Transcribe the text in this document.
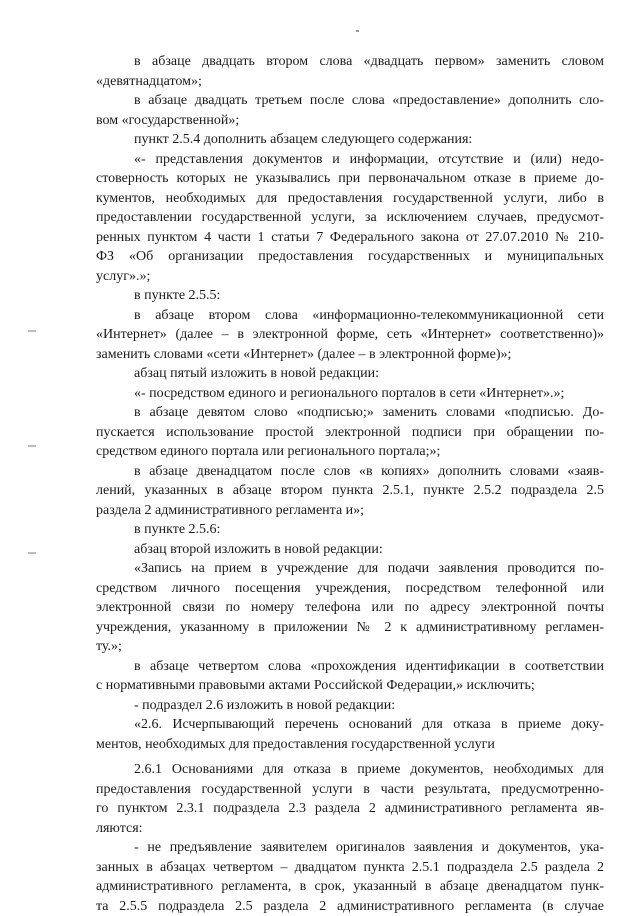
в абзаце двадцать втором слова «двадцать первом» заменить словом
«девятнадцатом»;
в абзаце двадцать третьем после слова «предоставление» дополнить сло-
вом «государственной»;
пункт 2.5.4 дополнить абзацем следующего содержания:
«- представления документов и информации, отсутствие и (или) недо-
стоверность которых не указывались при первоначальном отказе в приеме до-
кументов, необходимых для предоставления государственной услуги, либо в
предоставлении государственной услуги, за исключением случаев, предусмот-
ренных пунктом 4 части 1 статьи 7 Федерального закона от 27.07.2010 № 210-
ФЗ «Об организации предоставления государственных и муниципальных
услуг».»;
в пункте 2.5.5:
в абзаце втором слова «информационно-телекоммуникационной сети
«Интернет» (далее – в электронной форме, сеть «Интернет» соответственно)»
заменить словами «сети «Интернет» (далее – в электронной форме)»;
абзац пятый изложить в новой редакции:
«- посредством единого и регионального порталов в сети «Интернет».»;
в абзаце девятом слово «подписью;» заменить словами «подписью. До-
пускается использование простой электронной подписи при обращении по-
средством единого портала или регионального портала;»;
в абзаце двенадцатом после слов «в копиях» дополнить словами «заяв-
лений, указанных в абзаце втором пункта 2.5.1, пункте 2.5.2 подраздела 2.5
раздела 2 административного регламента и»;
в пункте 2.5.6:
абзац второй изложить в новой редакции:
«Запись на прием в учреждение для подачи заявления проводится по-
средством личного посещения учреждения, посредством телефонной или
электронной связи по номеру телефона или по адресу электронной почты
учреждения, указанному в приложении № 2 к административному регламен-
ту.»;
в абзаце четвертом слова «прохождения идентификации в соответствии
с нормативными правовыми актами Российской Федерации,» исключить;
- подраздел 2.6 изложить в новой редакции:
«2.6. Исчерпывающий перечень оснований для отказа в приеме доку-
ментов, необходимых для предоставления государственной услуги
2.6.1 Основаниями для отказа в приеме документов, необходимых для
предоставления государственной услуги в части результата, предусмотренно-
го пунктом 2.3.1 подраздела 2.3 раздела 2 административного регламента яв-
ляются:
- не предъявление заявителем оригиналов заявления и документов, ука-
занных в абзацах четвертом – двадцатом пункта 2.5.1 подраздела 2.5 раздела 2
административного регламента, в срок, указанный в абзаце двенадцатом пунк-
та 2.5.5 подраздела 2.5 раздела 2 административного регламента (в случае
